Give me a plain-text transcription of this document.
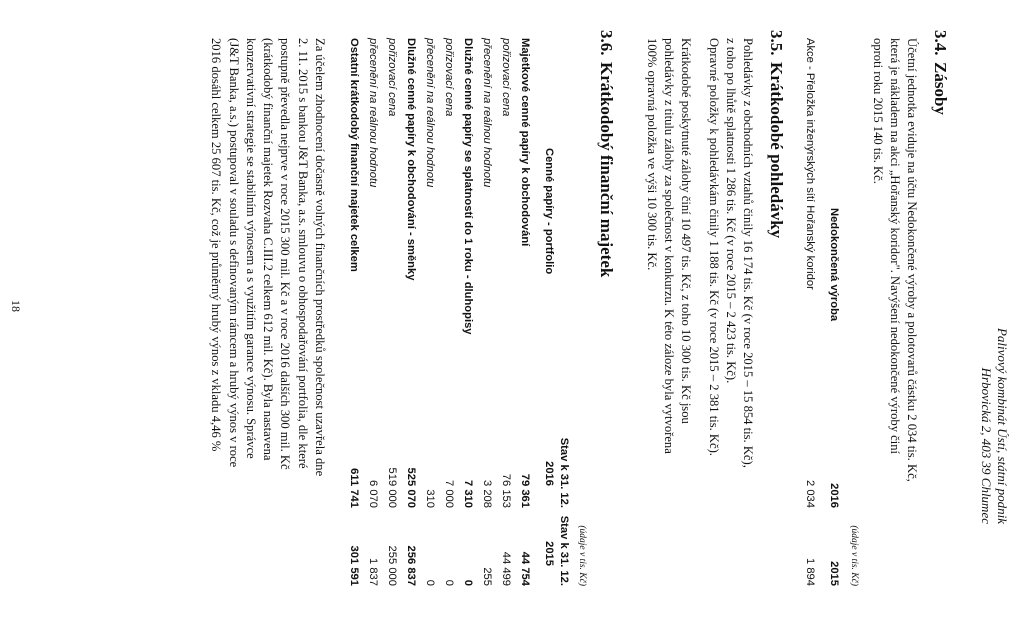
Palivový kombinát Ústí, státní podnik
Hrbovická 2, 403 39 Chlumec
3.4.Zásoby
Účetní jednotka eviduje na účtu Nedokončené výroby a polotovarů částku 2 034 tis. Kč,
která je nákladem na akci „Hořanský koridor". Navýšení nedokončené výroby činí
oproti roku 2015 140 tis. Kč.
(údaje v tis. Kč)
Nedokončená výroba
2016
2015
Akce - Přeložka inženýrských sítí Hořanský koridor
2 034
1 894
3.5.Krátkodobé pohledávky
Pohledávky z obchodních vztahů činily 16 174 tis. Kč (v roce 2015 – 15 854 tis. Kč),
z toho po lhůtě splatnosti 1 286 tis. Kč (v roce 2015 – 2 423 tis. Kč).
Opravné položky k pohledávkám činily 1 188 tis. Kč (v roce 2015 – 2 381 tis. Kč).
Krátkodobé poskytnuté zálohy činí 10 497 tis. Kč, z toho 10 300 tis. Kč jsou
pohledávky z titulu zálohy za společnost v konkurzu. K této záloze byla vytvořena
100% opravná položka ve výši 10 300 tis. Kč.
3.6.Krátkodobý finanční majetek
(údaje v tis. Kč)
Stav k 31. 12.
Stav k 31. 12.
Cenné papíry - portfolio
2016
2015
Majetkové cenné papíry k obchodování
79 361
44 754
pořizovací cena
76 153
44 499
přecenění na reálnou hodnotu
3 208
255
Dlužné cenné papíry se splatností do 1 roku - dluhopisy
7 310
0
pořizovací cena
7 000
0
přecenění na reálnou hodnotu
310
0
Dlužné cenné papíry k obchodování - směnky
525 070
256 837
pořizovací cena
519 000
255 000
přecenění na reálnou hodnotu
6 070
1 837
Ostatní krátkodobý finanční majetek celkem
611 741
301 591
Za účelem zhodnocení dočasně volných finančních prostředků společnost uzavřela dne
2. 11. 2015 s bankou J&T Banka, a.s. smlouvu o obhospodařování portfolia, dle které
postupně převedla nejprve v roce 2015 300 mil. Kč a v roce 2016 dalších 300 mil. Kč
(krátkodobý finanční majetek Rozvaha C.III.2 celkem 612 mil. Kč). Byla nastavena
konzervativní strategie se stabilním výnosem a s využitím garance výnosu. Správce
(J&T Banka, a.s.) postupoval v souladu s definovaným rámcem a hrubý výnos v roce
2016 dosáhl celkem 25 607 tis. Kč, což je průměrný hrubý výnos z vkladu 4,46 %
18
